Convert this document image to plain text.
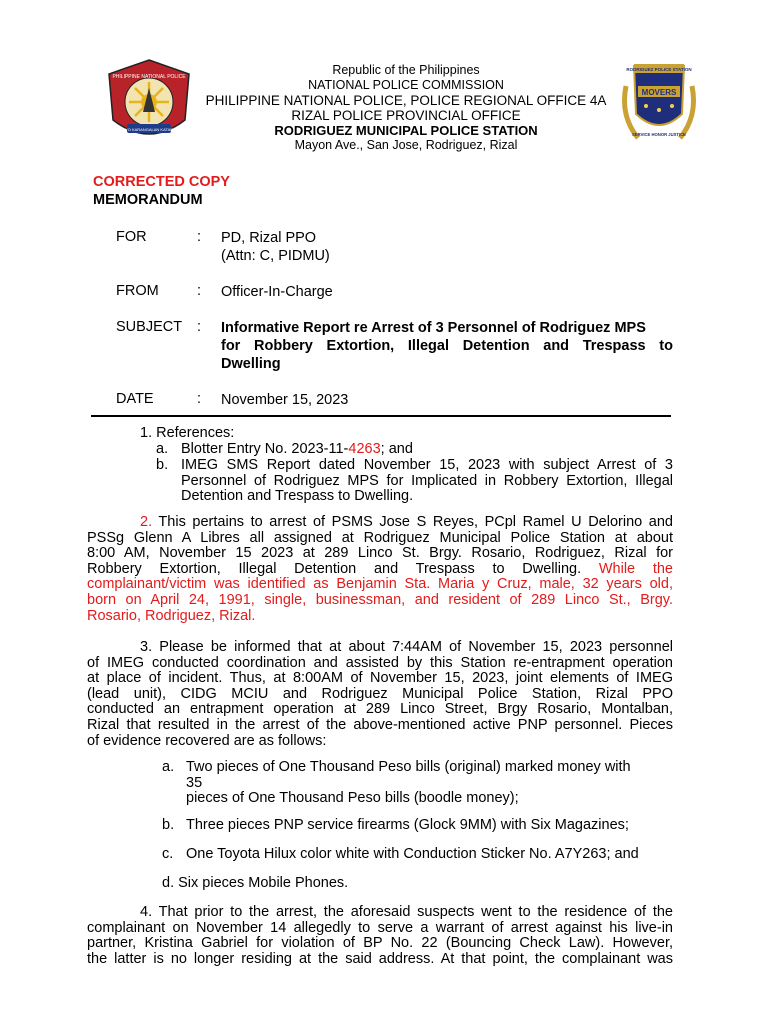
PHILIPPINE NATIONAL POLICE
SERBISYO KARANGALAN KATARUNGAN
RODRIGUEZ POLICE STATION
MOVERS
SERVICE HONOR JUSTICE
Republic of the Philippines
NATIONAL POLICE COMMISSION
PHILIPPINE NATIONAL POLICE, POLICE REGIONAL OFFICE 4A
RIZAL POLICE PROVINCIAL OFFICE
RODRIGUEZ MUNICIPAL POLICE STATION
Mayon Ave., San Jose, Rodriguez, Rizal
CORRECTED COPY
MEMORANDUM
FOR	: PD, Rizal PPO
(Attn: C, PIDMU)
FROM	: Officer-In-Charge
SUBJECT : Informative Report re Arrest of 3 Personnel of Rodriguez MPS
for Robbery Extortion, Illegal Detention and Trespass to
Dwelling
DATE	: November 15, 2023
1. References:
a. Blotter Entry No. 2023-11-4263; and
b. IMEG SMS Report dated November 15, 2023 with subject Arrest of 3
Personnel of Rodriguez MPS for Implicated in Robbery Extortion, Illegal
Detention and Trespass to Dwelling.
2. This pertains to arrest of PSMS Jose S Reyes, PCpl Ramel U Delorino and
PSSg Glenn A Libres all assigned at Rodriguez Municipal Police Station at about
8:00 AM, November 15 2023 at 289 Linco St. Brgy. Rosario, Rodriguez, Rizal for
Robbery Extortion, Illegal Detention and Trespass to Dwelling. While the
complainant/victim was identified as Benjamin Sta. Maria y Cruz, male, 32 years old,
born on April 24, 1991, single, businessman, and resident of 289 Linco St., Brgy.
Rosario, Rodriguez, Rizal.
3. Please be informed that at about 7:44AM of November 15, 2023 personnel
of IMEG conducted coordination and assisted by this Station re-entrapment operation
at place of incident. Thus, at 8:00AM of November 15, 2023, joint elements of IMEG
(lead unit), CIDG MCIU and Rodriguez Municipal Police Station, Rizal PPO
conducted an entrapment operation at 289 Linco Street, Brgy Rosario, Montalban,
Rizal that resulted in the arrest of the above-mentioned active PNP personnel. Pieces
of evidence recovered are as follows:
a. Two pieces of One Thousand Peso bills (original) marked money with
35
pieces of One Thousand Peso bills (boodle money);
b. Three pieces PNP service firearms (Glock 9MM) with Six Magazines;
c. One Toyota Hilux color white with Conduction Sticker No. A7Y263; and
d. Six pieces Mobile Phones.
4. That prior to the arrest, the aforesaid suspects went to the residence of the
complainant on November 14 allegedly to serve a warrant of arrest against his live-in
partner, Kristina Gabriel for violation of BP No. 22 (Bouncing Check Law). However,
the latter is no longer residing at the said address. At that point, the complainant was
